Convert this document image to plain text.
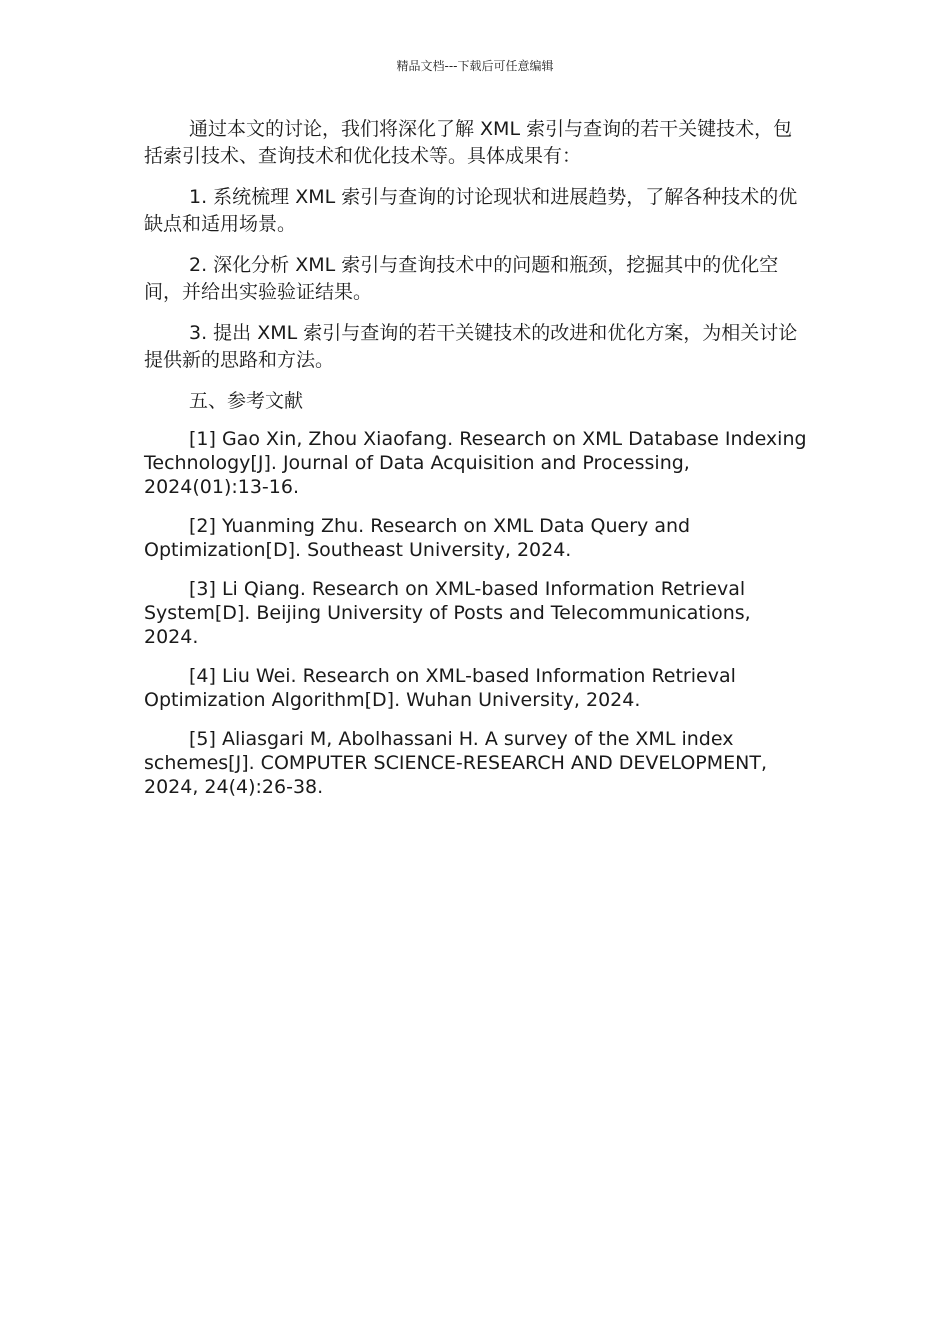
精品文档---下载后可任意编辑

通过本文的讨论，我们将深化了解 XML 索引与查询的若干关键技术，包括索引技术、查询技术和优化技术等。具体成果有：

1. 系统梳理 XML 索引与查询的讨论现状和进展趋势，了解各种技术的优缺点和适用场景。

2. 深化分析 XML 索引与查询技术中的问题和瓶颈，挖掘其中的优化空间，并给出实验验证结果。

3. 提出 XML 索引与查询的若干关键技术的改进和优化方案，为相关讨论提供新的思路和方法。

五、参考文献

[1] Gao Xin, Zhou Xiaofang. Research on XML Database Indexing Technology[J]. Journal of Data Acquisition and Processing, 2024(01):13-16.

[2] Yuanming Zhu. Research on XML Data Query and Optimization[D]. Southeast University, 2024.

[3] Li Qiang. Research on XML-based Information Retrieval System[D]. Beijing University of Posts and Telecommunications, 2024.

[4] Liu Wei. Research on XML-based Information Retrieval Optimization Algorithm[D]. Wuhan University, 2024.

[5] Aliasgari M, Abolhassani H. A survey of the XML index schemes[J]. COMPUTER SCIENCE-RESEARCH AND DEVELOPMENT, 2024, 24(4):26-38.
